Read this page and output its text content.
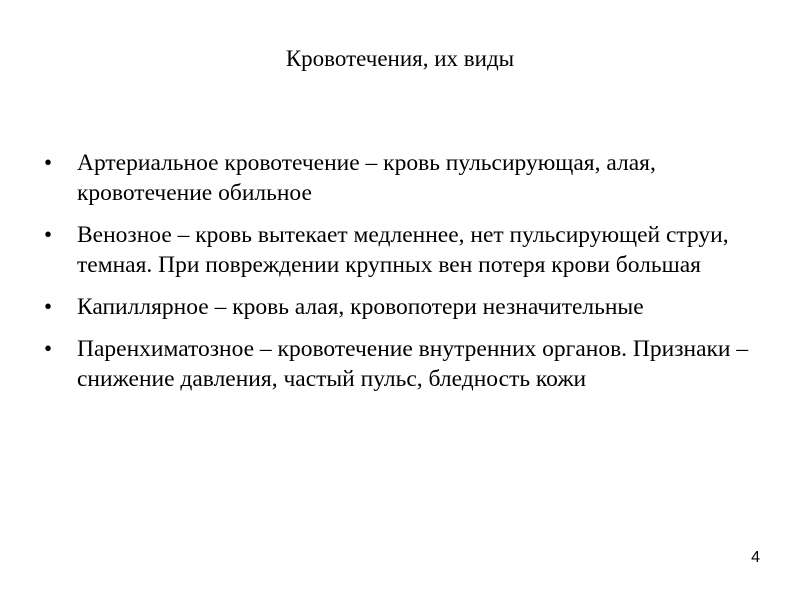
Кровотечения, их виды
•	Артериальное кровотечение – кровь пульсирующая, алая, кровотечение обильное
•	Венозное – кровь вытекает медленнее, нет пульсирующей струи, темная. При повреждении крупных вен потеря крови большая
•	Капиллярное – кровь алая, кровопотери незначительные
•	Паренхиматозное – кровотечение внутренних органов. Признаки – снижение давления, частый пульс, бледность кожи
4
